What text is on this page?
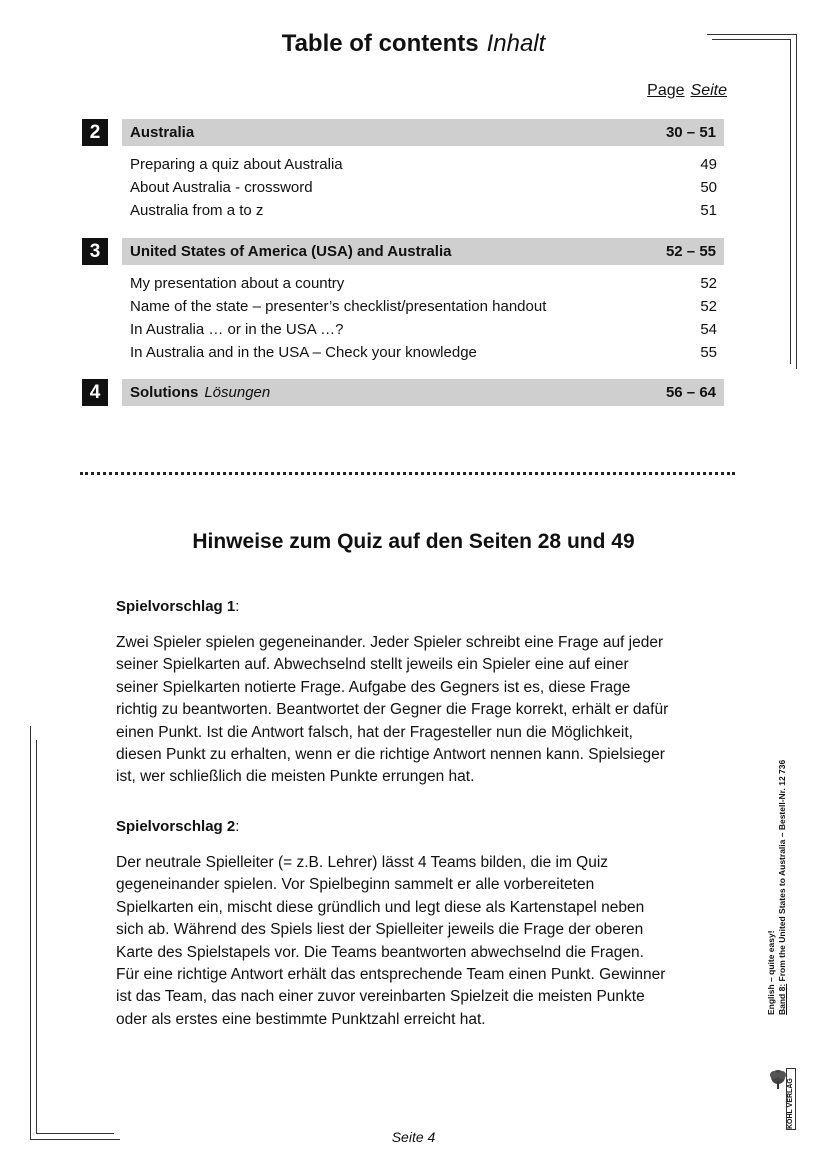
Table of contents Inhalt
Page Seite
2	Australia	30 – 51
Preparing a quiz about Australia	49
About Australia - crossword	50
Australia from a to z	51
3	United States of America (USA) and Australia	52 – 55
My presentation about a country	52
Name of the state – presenter’s checklist/presentation handout	52
In Australia … or in the USA …?	54
In Australia and in the USA – Check your knowledge	55
4	Solutions Lösungen	56 – 64
Hinweise zum Quiz auf den Seiten 28 und 49
Spielvorschlag 1:
Zwei Spieler spielen gegeneinander. Jeder Spieler schreibt eine Frage auf jeder
seiner Spielkarten auf. Abwechselnd stellt jeweils ein Spieler eine auf einer
seiner Spielkarten notierte Frage. Aufgabe des Gegners ist es, diese Frage
richtig zu beantworten. Beantwortet der Gegner die Frage korrekt, erhält er dafür
einen Punkt. Ist die Antwort falsch, hat der Fragesteller nun die Möglichkeit,
diesen Punkt zu erhalten, wenn er die richtige Antwort nennen kann. Spielsieger
ist, wer schließlich die meisten Punkte errungen hat.
Spielvorschlag 2:
Der neutrale Spielleiter (= z.B. Lehrer) lässt 4 Teams bilden, die im Quiz
gegeneinander spielen. Vor Spielbeginn sammelt er alle vorbereiteten
Spielkarten ein, mischt diese gründlich und legt diese als Kartenstapel neben
sich ab. Während des Spiels liest der Spielleiter jeweils die Frage der oberen
Karte des Spielstapels vor. Die Teams beantworten abwechselnd die Fragen.
Für eine richtige Antwort erhält das entsprechende Team einen Punkt. Gewinner
ist das Team, das nach einer zuvor vereinbarten Spielzeit die meisten Punkte
oder als erstes eine bestimmte Punktzahl erreicht hat.
English – quite easy! Band 8: From the United States to Australia – Bestell-Nr. 12 736
KOHL VERLAG
Seite 4
